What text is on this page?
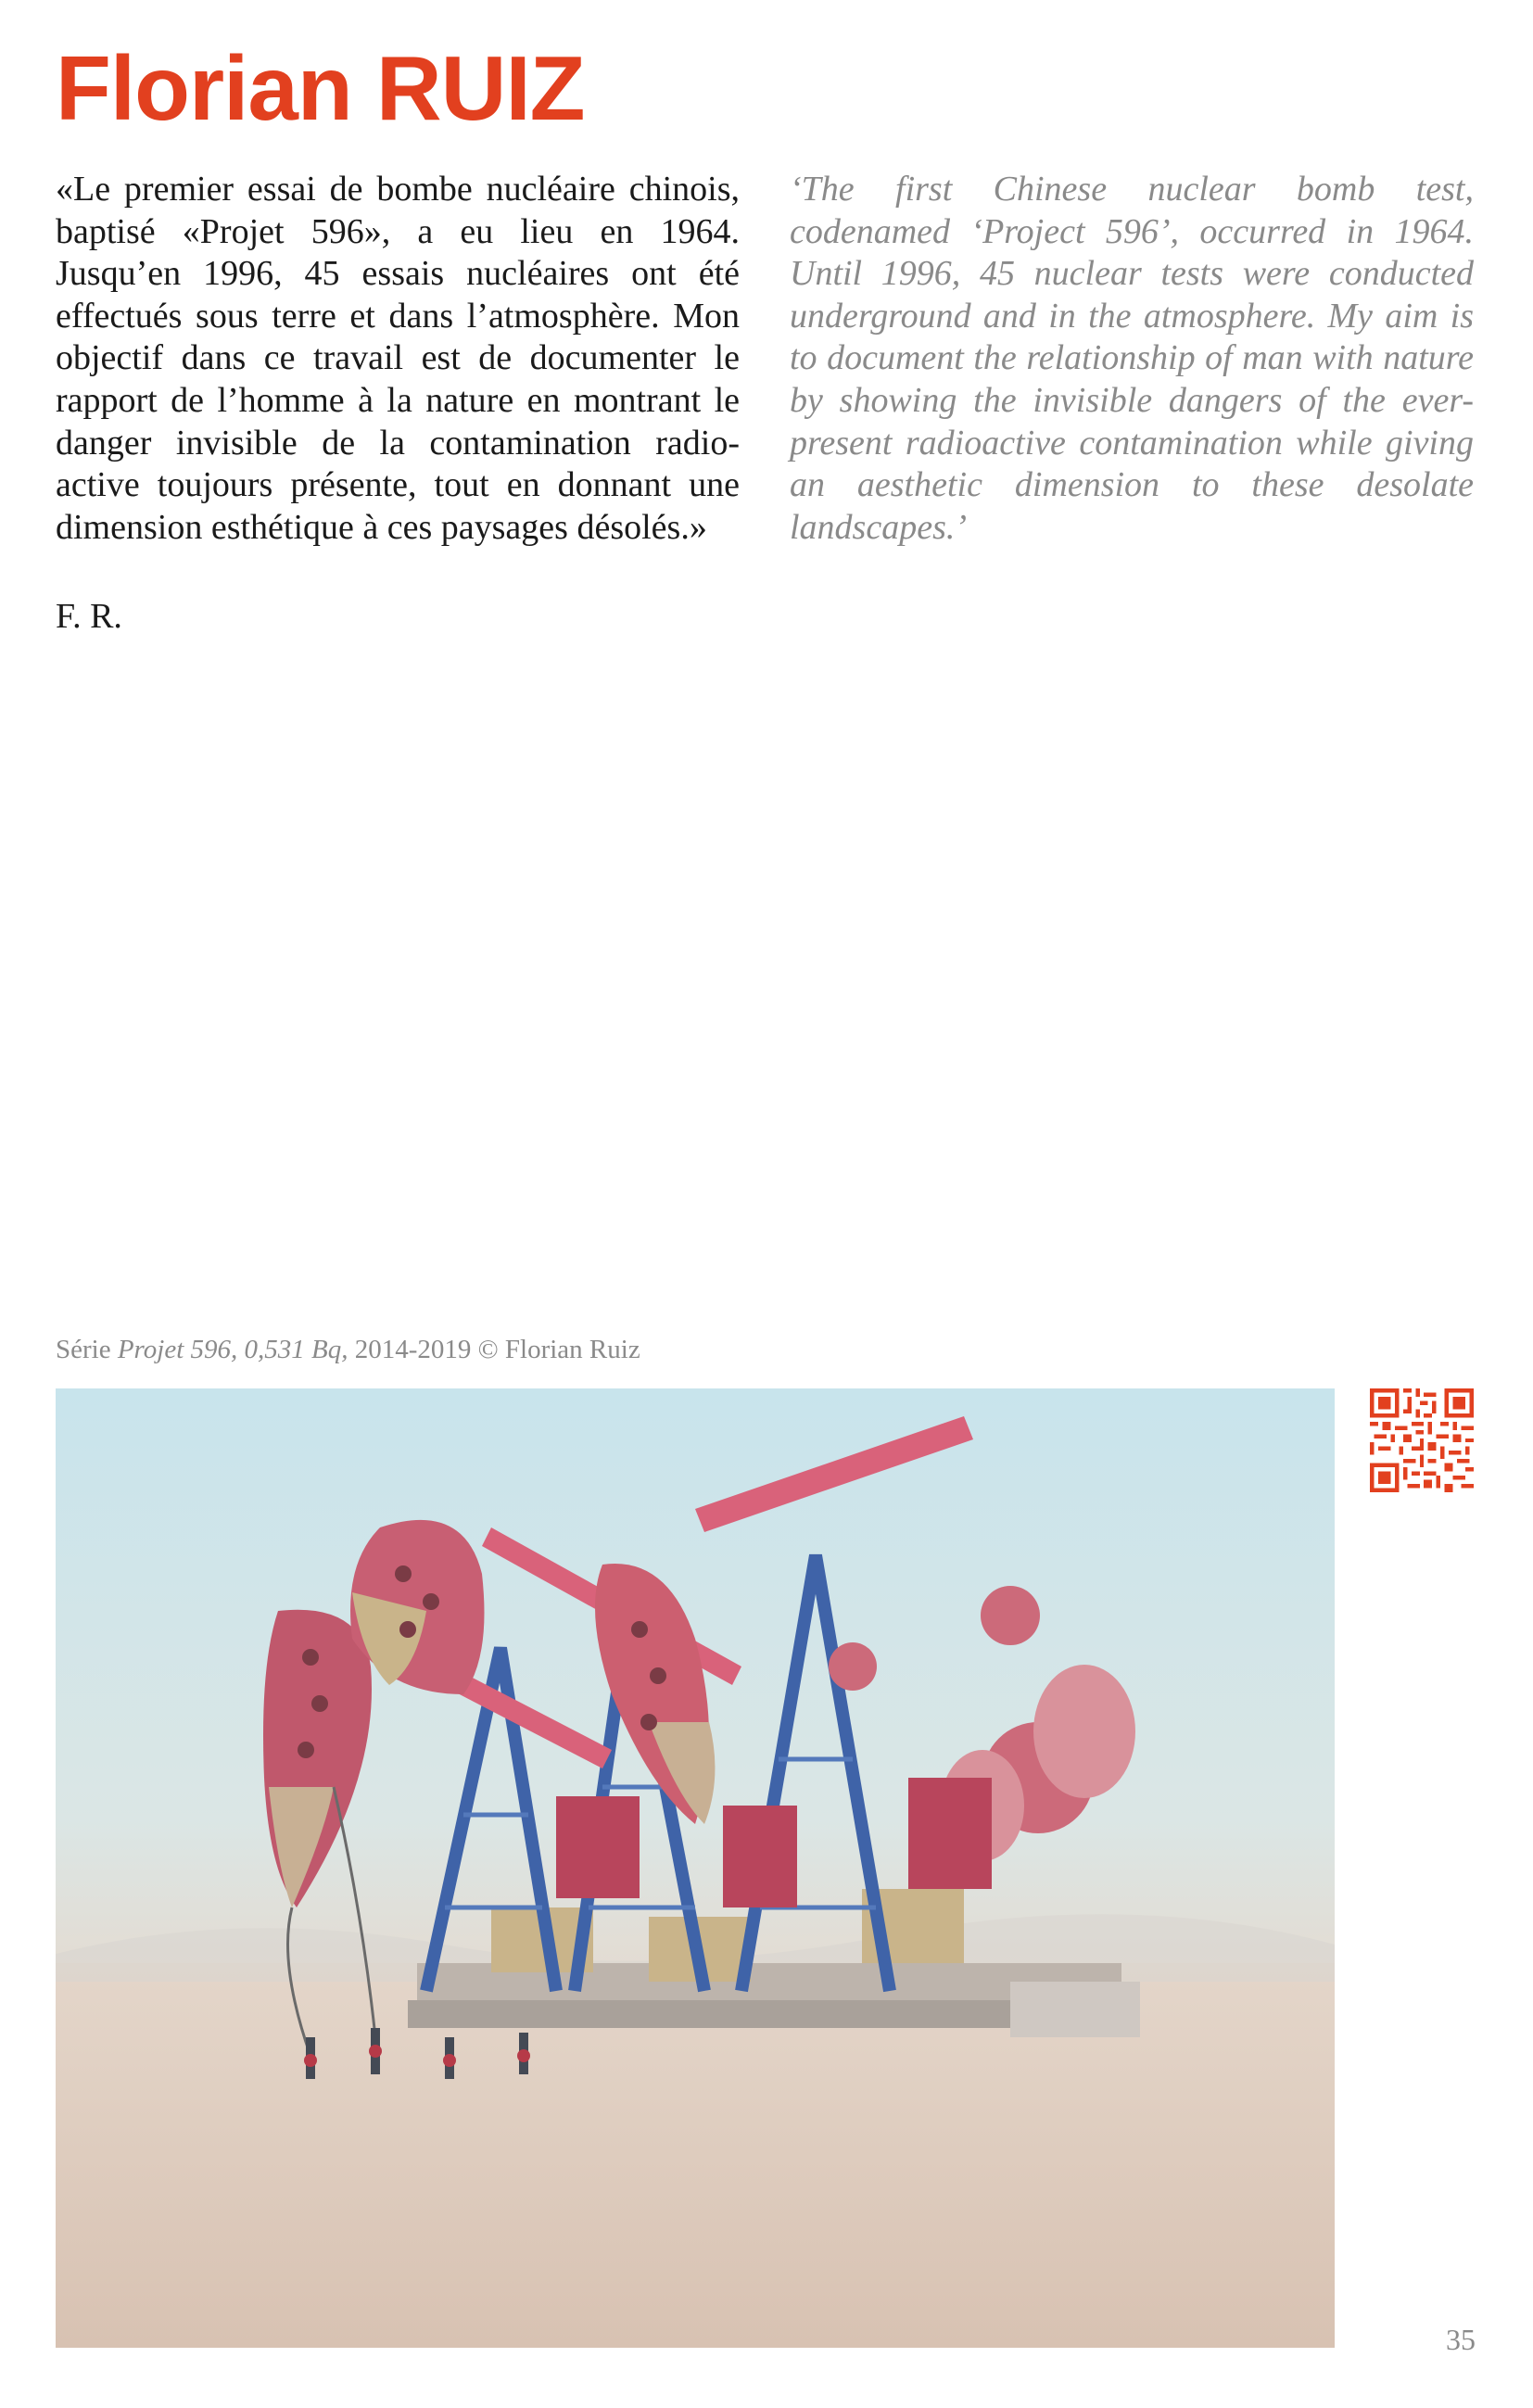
Florian RUIZ
«Le premier essai de bombe nucléaire chinois, baptisé «Projet 596», a eu lieu en 1964. Jusqu’en 1996, 45 essais nucléaires ont été effectués sous terre et dans l’atmosphère. Mon objectif dans ce travail est de documenter le rapport de l’homme à la nature en montrant le danger invisible de la contamination radio-active toujours présente, tout en donnant une dimension esthétique à ces paysages désolés.»
‘The first Chinese nuclear bomb test, codenamed ‘Project 596’, occurred in 1964. Until 1996, 45 nuclear tests were conducted underground and in the atmosphere. My aim is to document the relationship of man with nature by showing the invisible dangers of the ever-present radioactive contamination while giving an aesthetic dimension to these desolate landscapes.’
F. R.
Série Projet 596, 0,531 Bq, 2014-2019 © Florian Ruiz
35
